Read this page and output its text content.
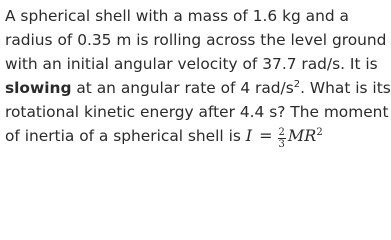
A spherical shell with a mass of 1.6 kg and a
radius of 0.35 m is rolling across the level ground
with an initial angular velocity of 37.7 rad/s. It is
slowing at an angular rate of 4 rad/$s^2$. What is its
rotational kinetic energy after 4.4 s? The moment
of inertia of a spherical shell is $I = \frac{2}{3} MR^2$
